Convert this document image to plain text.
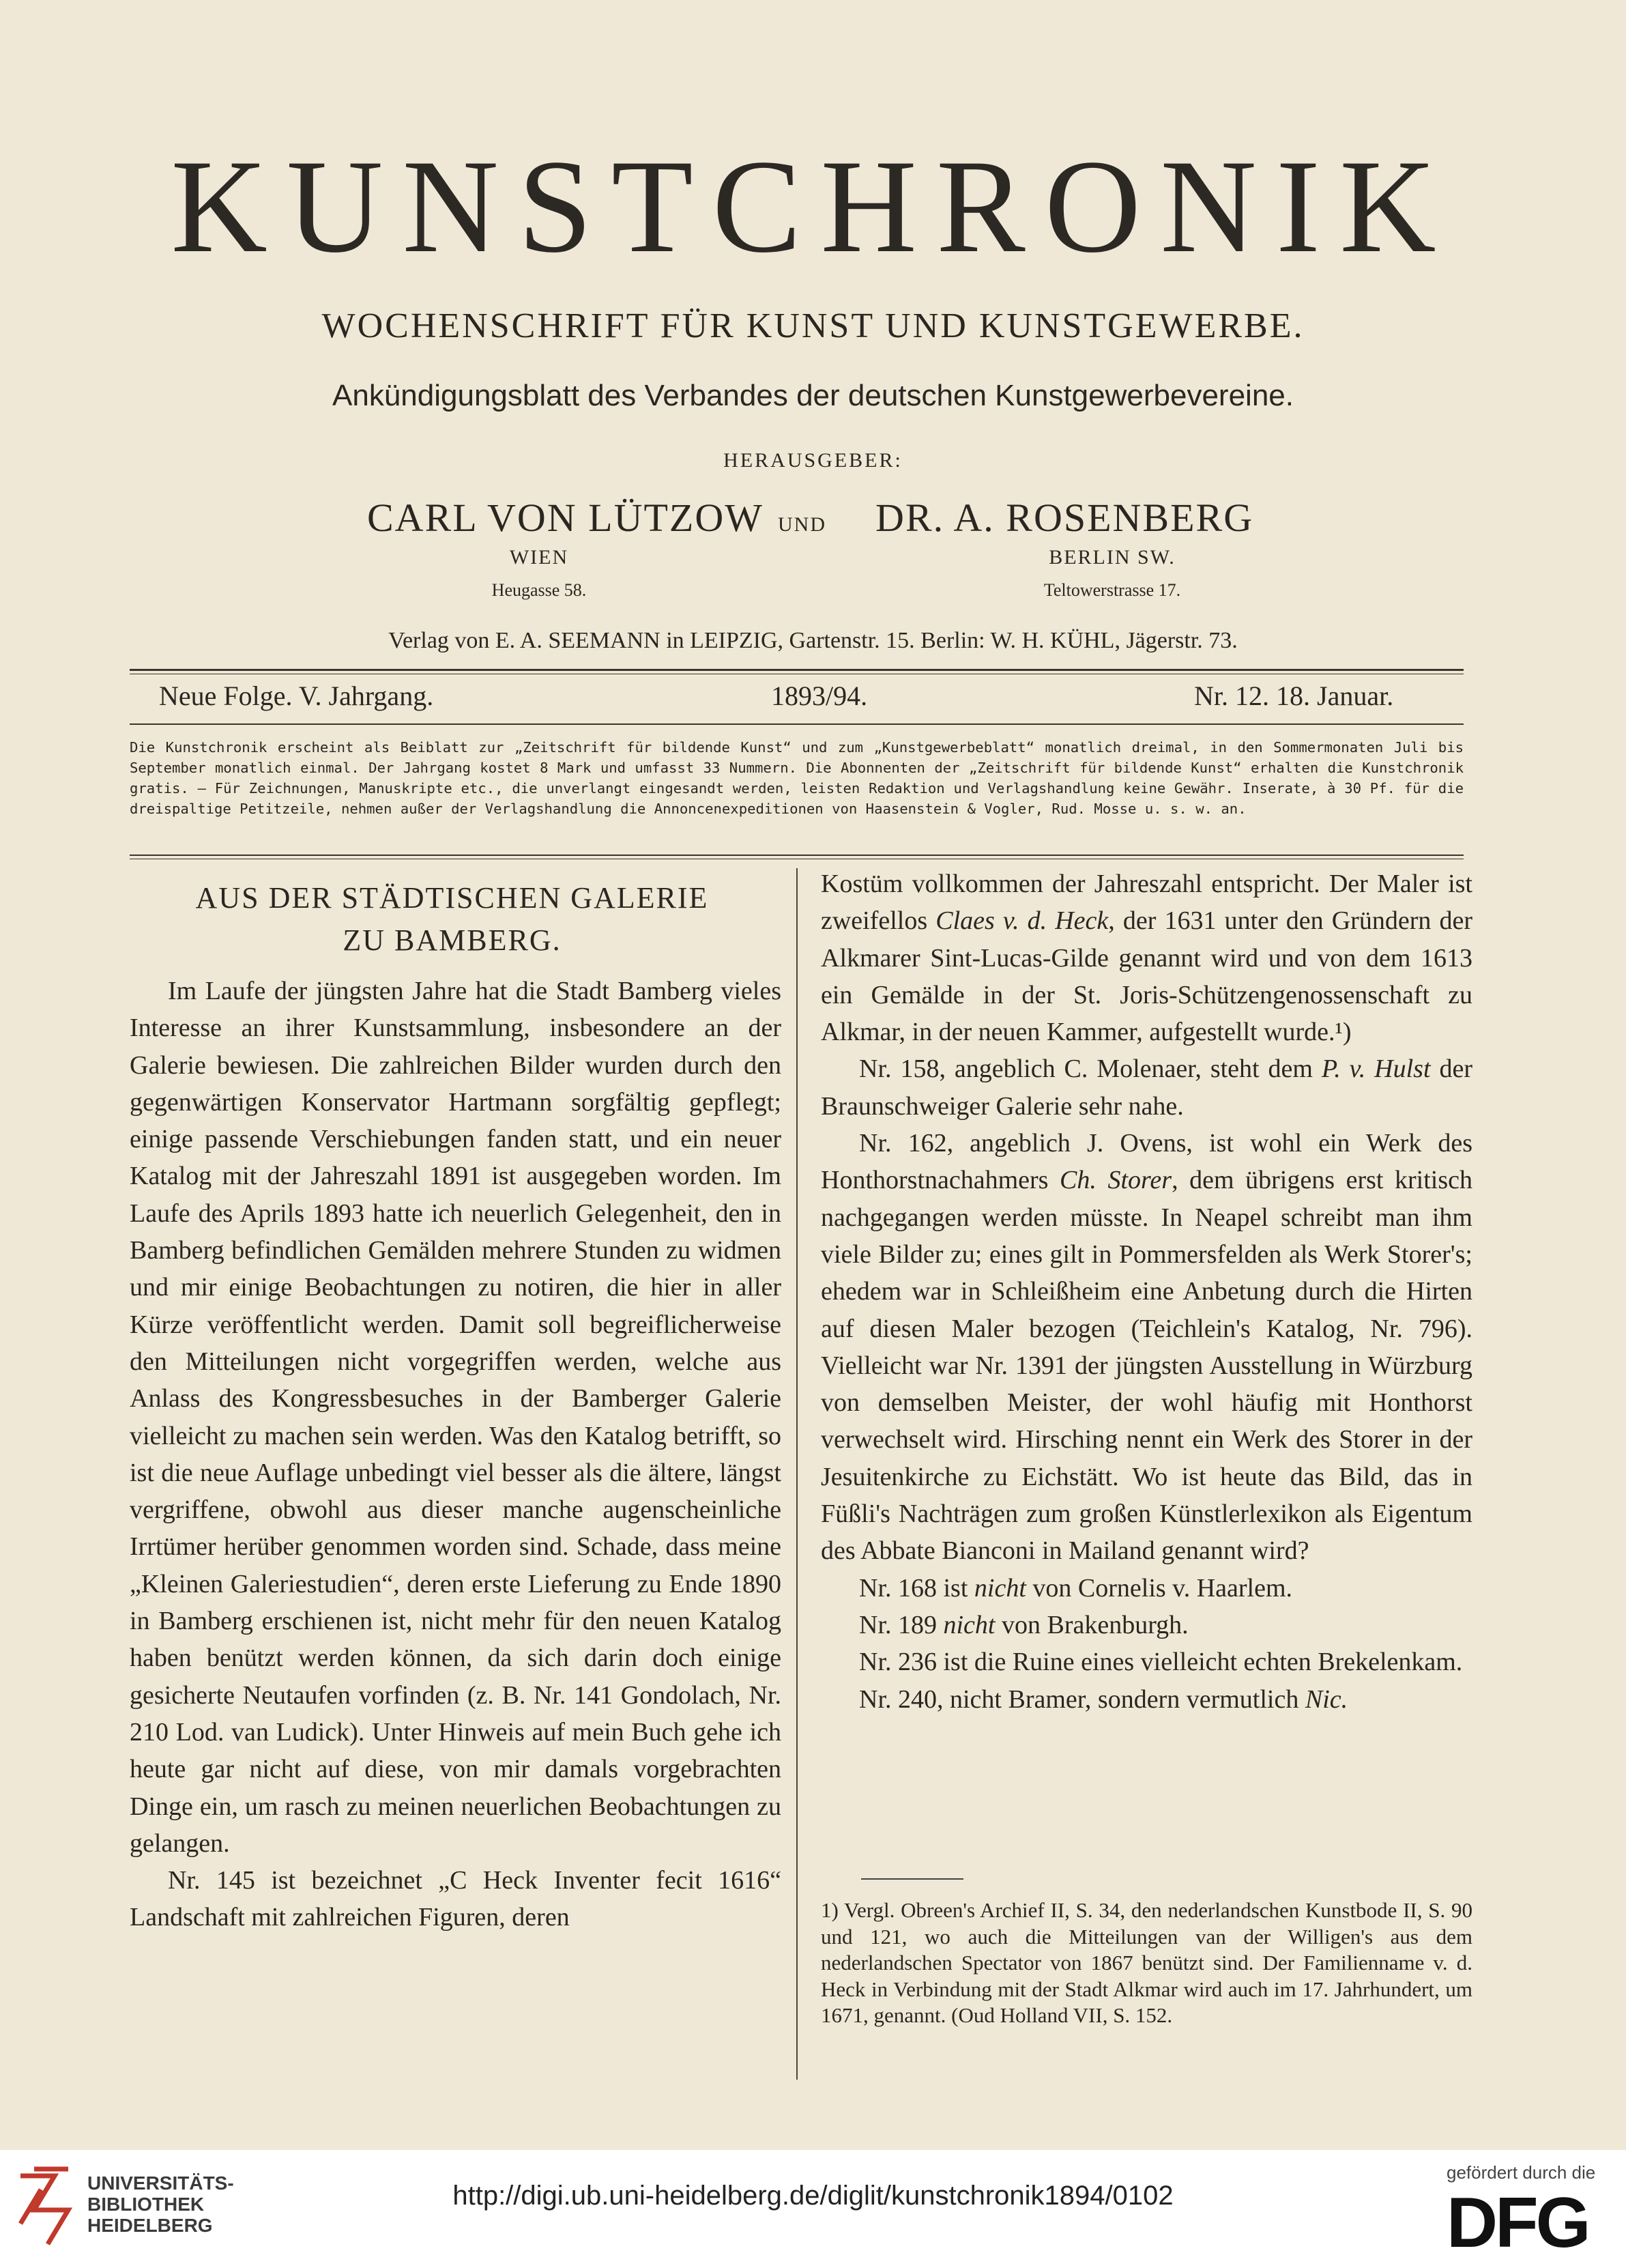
KUNSTCHRONIK
WOCHENSCHRIFT FÜR KUNST UND KUNSTGEWERBE.
Ankündigungsblatt des Verbandes der deutschen Kunstgewerbevereine.
HERAUSGEBER:
CARL VON LÜTZOW UND DR. A. ROSENBERG
WIEN	BERLIN SW.
Heugasse 58.	Teltowerstrasse 17.
Verlag von E. A. SEEMANN in LEIPZIG, Gartenstr. 15. Berlin: W. H. KÜHL, Jägerstr. 73.
Neue Folge. V. Jahrgang.	1893/94.	Nr. 12. 18. Januar.
Die Kunstchronik erscheint als Beiblatt zur „Zeitschrift für bildende Kunst“ und zum „Kunstgewerbeblatt“ monatlich dreimal, in den Sommermonaten Juli bis September monatlich einmal. Der Jahrgang kostet 8 Mark und umfasst 33 Nummern. Die Abonnenten der „Zeitschrift für bildende Kunst“ erhalten die Kunstchronik gratis. — Für Zeichnungen, Manuskripte etc., die unverlangt eingesandt werden, leisten Redaktion und Verlagshandlung keine Gewähr. Inserate, à 30 Pf. für die dreispaltige Petitzeile, nehmen außer der Verlagshandlung die Annoncenexpeditionen von Haasenstein & Vogler, Rud. Mosse u. s. w. an.
AUS DER STÄDTISCHEN GALERIE
ZU BAMBERG.

Im Laufe der jüngsten Jahre hat die Stadt Bamberg vieles Interesse an ihrer Kunstsammlung, insbesondere an der Galerie bewiesen. Die zahlreichen Bilder wurden durch den gegenwärtigen Konservator Hartmann sorgfältig gepflegt; einige passende Verschiebungen fanden statt, und ein neuer Katalog mit der Jahreszahl 1891 ist ausgegeben worden. Im Laufe des Aprils 1893 hatte ich neuerlich Gelegenheit, den in Bamberg befindlichen Gemälden mehrere Stunden zu widmen und mir einige Beobachtungen zu notiren, die hier in aller Kürze veröffentlicht werden. Damit soll begreiflicherweise den Mitteilungen nicht vorgegriffen werden, welche aus Anlass des Kongressbesuches in der Bamberger Galerie vielleicht zu machen sein werden. Was den Katalog betrifft, so ist die neue Auflage unbedingt viel besser als die ältere, längst vergriffene, obwohl aus dieser manche augenscheinliche Irrtümer herüber genommen worden sind. Schade, dass meine „Kleinen Galeriestudien“, deren erste Lieferung zu Ende 1890 in Bamberg erschienen ist, nicht mehr für den neuen Katalog haben benützt werden können, da sich darin doch einige gesicherte Neutaufen vorfinden (z. B. Nr. 141 Gondolach, Nr. 210 Lod. van Ludick). Unter Hinweis auf mein Buch gehe ich heute gar nicht auf diese, von mir damals vorgebrachten Dinge ein, um rasch zu meinen neuerlichen Beobachtungen zu gelangen.

Nr. 145 ist bezeichnet „C Heck Inventer fecit 1616“ Landschaft mit zahlreichen Figuren, deren

Kostüm vollkommen der Jahreszahl entspricht. Der Maler ist zweifellos Claes v. d. Heck, der 1631 unter den Gründern der Alkmarer Sint-Lucas-Gilde genannt wird und von dem 1613 ein Gemälde in der St. Joris-Schützengenossenschaft zu Alkmar, in der neuen Kammer, aufgestellt wurde.¹)

Nr. 158, angeblich C. Molenaer, steht dem P. v. Hulst der Braunschweiger Galerie sehr nahe.

Nr. 162, angeblich J. Ovens, ist wohl ein Werk des Honthorstnachahmers Ch. Storer, dem übrigens erst kritisch nachgegangen werden müsste. In Neapel schreibt man ihm viele Bilder zu; eines gilt in Pommersfelden als Werk Storer's; ehedem war in Schleißheim eine Anbetung durch die Hirten auf diesen Maler bezogen (Teichlein's Katalog, Nr. 796). Vielleicht war Nr. 1391 der jüngsten Ausstellung in Würzburg von demselben Meister, der wohl häufig mit Honthorst verwechselt wird. Hirsching nennt ein Werk des Storer in der Jesuitenkirche zu Eichstätt. Wo ist heute das Bild, das in Füßli's Nachträgen zum großen Künstlerlexikon als Eigentum des Abbate Bianconi in Mailand genannt wird?

Nr. 168 ist nicht von Cornelis v. Haarlem.

Nr. 189 nicht von Brakenburgh.

Nr. 236 ist die Ruine eines vielleicht echten Brekelenkam.

Nr. 240, nicht Bramer, sondern vermutlich Nic.

1) Vergl. Obreen's Archief II, S. 34, den nederlandschen Kunstbode II, S. 90 und 121, wo auch die Mitteilungen van der Willigen's aus dem nederlandschen Spectator von 1867 benützt sind. Der Familienname v. d. Heck in Verbindung mit der Stadt Alkmar wird auch im 17. Jahrhundert, um 1671, genannt. (Oud Holland VII, S. 152.
UNIVERSITÄTS-
BIBLIOTHEK
HEIDELBERG
http://digi.ub.uni-heidelberg.de/diglit/kunstchronik1894/0102
gefördert durch die
DFG
